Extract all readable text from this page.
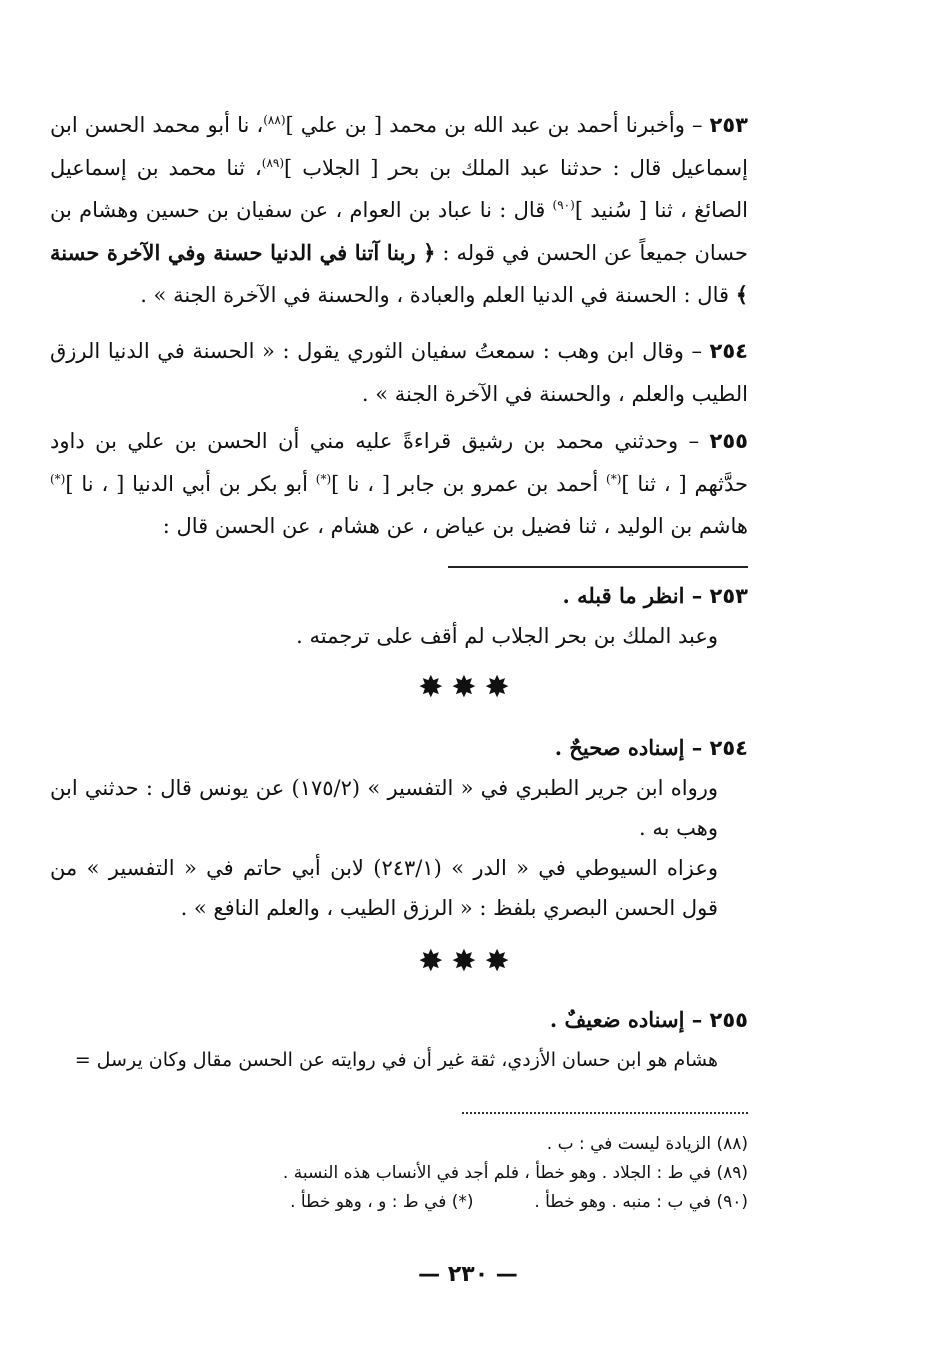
٢٥٣ – وأخبرنا أحمد بن عبد الله بن محمد [ بن علي ]$^{(٨٨)}$، نا أبو محمد الحسن ابن إسماعيل قال : حدثنا عبد الملك بن بحر [ الجلاب ]$^{(٨٩)}$، ثنا محمد بن إسماعيل الصائغ ، ثنا [ سُنيد ]$^{(٩٠)}$ قال : نا عباد بن العوام ، عن سفيان بن حسين وهشام بن حسان جميعاً عن الحسن في قوله : ﴿ ربنا آتنا في الدنيا حسنة وفي الآخرة حسنة ﴾ قال : الحسنة في الدنيا العلم والعبادة ، والحسنة في الآخرة الجنة » .
٢٥٤ – وقال ابن وهب : سمعتُ سفيان الثوري يقول : « الحسنة في الدنيا الرزق الطيب والعلم ، والحسنة في الآخرة الجنة » .
٢٥٥ – وحدثني محمد بن رشيق قراءةً عليه مني أن الحسن بن علي بن داود حدَّثهم [ ، ثنا ](*) أحمد بن عمرو بن جابر [ ، نا ](*) أبو بكر بن أبي الدنيا [ ، نا ](*) هاشم بن الوليد ، ثنا فضيل بن عياض ، عن هشام ، عن الحسن قال :
٢٥٣ – انظر ما قبله .
وعبد الملك بن بحر الجلاب لم أقف على ترجمته .
✸✸✸
٢٥٤ – إسناده صحيحٌ .
ورواه ابن جرير الطبري في « التفسير » (١٧٥/٢) عن يونس قال : حدثني ابن وهب به .
وعزاه السيوطي في « الدر » (٢٤٣/١) لابن أبي حاتم في « التفسير » من قول الحسن البصري بلفظ : « الرزق الطيب ، والعلم النافع » .
✸✸✸
٢٥٥ – إسناده ضعيفٌ .
هشام هو ابن حسان الأزدي، ثقة غير أن في روايته عن الحسن مقال وكان يرسل =
(٨٨) الزيادة ليست في : ب .
(٨٩) في ط : الجلاد . وهو خطأ ، فلم أجد في الأنساب هذه النسبة .
(٩٠) في ب : منبه . وهو خطأ .  (*) في ط : و ، وهو خطأ .
— ٢٣٠ —
